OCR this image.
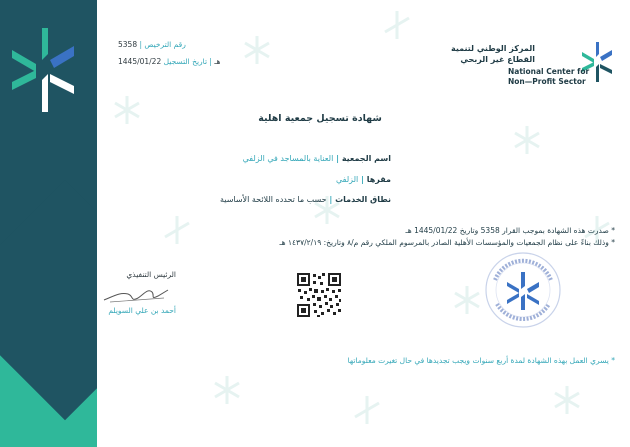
المركز الوطني لتنمية
القطاع غير الربحي
National Center for
Non—Profit Sector
5358 | رقم الترخيص
1445/01/22 هـ | تاريخ التسجيل
شهادة تسجيل جمعية اهلية
اسم الجمعية | العناية بالمساجد في الزلفي
مقرها | الزلفي
نطاق الخدمات | حسب ما تحدده اللائحة الأساسية
* صدرت هذه الشهادة بموجب القرار 5358 وتاريخ 1445/01/22 هـ
* وذلك بناءً على نظام الجمعيات والمؤسسات الأهلية الصادر بالمرسوم الملكي رقم م/٨ وتاريخ: ١٤٣٧/٢/١٩ هـ
الرئيس التنفيذي
أحمد بن علي السويلم
* يسري العمل بهذه الشهادة لمدة أربع سنوات ويجب تجديدها في حال تغيرت معلوماتها
